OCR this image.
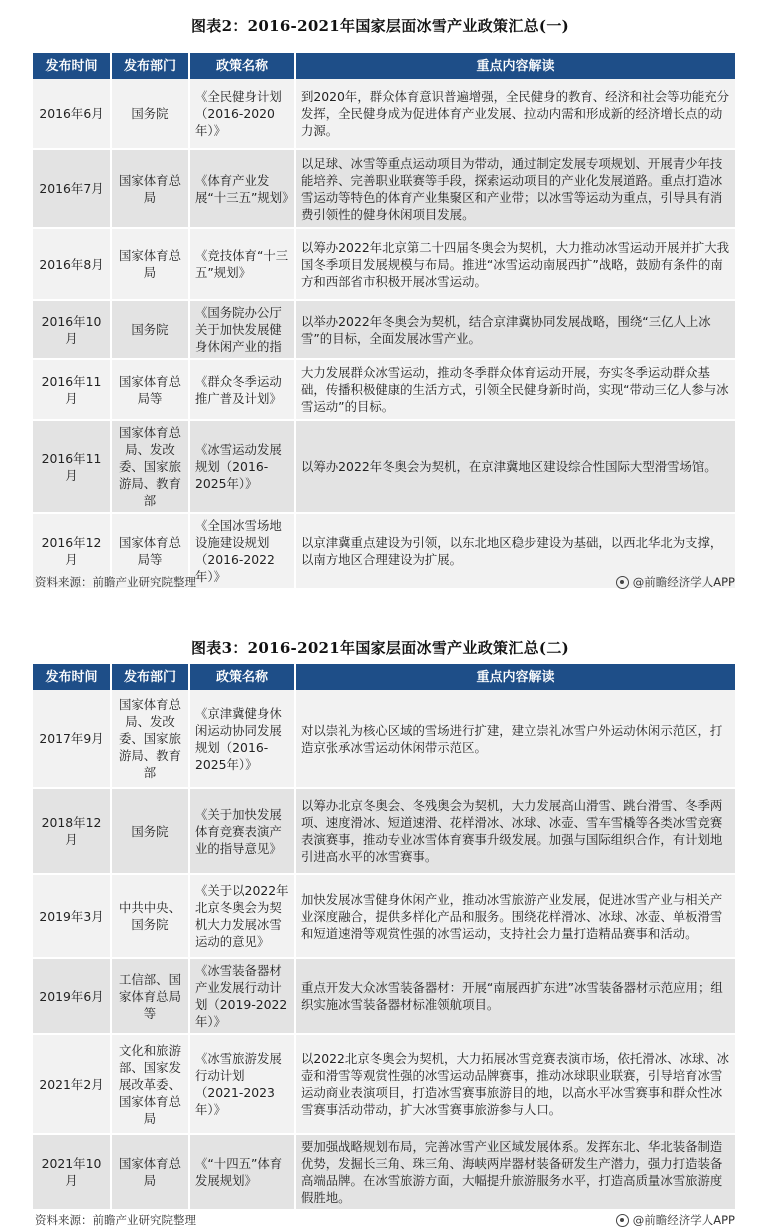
图表2：2016-2021年国家层面冰雪产业政策汇总(一)
发布时间	发布部门	政策名称	重点内容解读
2016年6月	国务院	《全民健身计划（2016-2020年）》	到2020年，群众体育意识普遍增强，全民健身的教育、经济和社会等功能充分发挥，全民健身成为促进体育产业发展、拉动内需和形成新的经济增长点的动力源。
2016年7月	国家体育总局	《体育产业发展“十三五”规划》	以足球、冰雪等重点运动项目为带动，通过制定发展专项规划、开展青少年技能培养、完善职业联赛等手段，探索运动项目的产业化发展道路。重点打造冰雪运动等特色的体育产业集聚区和产业带；以冰雪等运动为重点，引导具有消费引领性的健身休闲项目发展。
2016年8月	国家体育总局	《竞技体育“十三五”规划》	以筹办2022年北京第二十四届冬奥会为契机，大力推动冰雪运动开展并扩大我国冬季项目发展规模与布局。推进“冰雪运动南展西扩”战略，鼓励有条件的南方和西部省市积极开展冰雪运动。
2016年10月	国务院	《国务院办公厅关于加快发展健身休闲产业的指	以举办2022年冬奥会为契机，结合京津冀协同发展战略，围绕“三亿人上冰雪”的目标，全面发展冰雪产业。
2016年11月	国家体育总局等	《群众冬季运动推广普及计划》	大力发展群众冰雪运动，推动冬季群众体育运动开展，夯实冬季运动群众基础，传播积极健康的生活方式，引领全民健身新时尚，实现“带动三亿人参与冰雪运动”的目标。
2016年11月	国家体育总局、发改委、国家旅游局、教育部	《冰雪运动发展规划（2016-2025年）》	以筹办2022年冬奥会为契机，在京津冀地区建设综合性国际大型滑雪场馆。
2016年12月	国家体育总局等	《全国冰雪场地设施建设规划（2016-2022年）》	以京津冀重点建设为引领，以东北地区稳步建设为基础，以西北华北为支撑，以南方地区合理建设为扩展。
资料来源：前瞻产业研究院整理	@前瞻经济学人APP
图表3：2016-2021年国家层面冰雪产业政策汇总(二)
发布时间	发布部门	政策名称	重点内容解读
2017年9月	国家体育总局、发改委、国家旅游局、教育部	《京津冀健身休闲运动协同发展规划（2016-2025年）》	对以崇礼为核心区域的雪场进行扩建，建立崇礼冰雪户外运动休闲示范区，打造京张承冰雪运动休闲带示范区。
2018年12月	国务院	《关于加快发展体育竞赛表演产业的指导意见》	以筹办北京冬奥会、冬残奥会为契机，大力发展高山滑雪、跳台滑雪、冬季两项、速度滑冰、短道速滑、花样滑冰、冰球、冰壶、雪车雪橇等各类冰雪竞赛表演赛事，推动专业冰雪体育赛事升级发展。加强与国际组织合作，有计划地引进高水平的冰雪赛事。
2019年3月	中共中央、国务院	《关于以2022年北京冬奥会为契机大力发展冰雪运动的意见》	加快发展冰雪健身休闲产业，推动冰雪旅游产业发展，促进冰雪产业与相关产业深度融合，提供多样化产品和服务。围绕花样滑冰、冰球、冰壶、单板滑雪和短道速滑等观赏性强的冰雪运动，支持社会力量打造精品赛事和活动。
2019年6月	工信部、国家体育总局等	《冰雪装备器材产业发展行动计划（2019-2022年）》	重点开发大众冰雪装备器材：开展“南展西扩东进”冰雪装备器材示范应用；组织实施冰雪装备器材标准领航项目。
2021年2月	文化和旅游部、国家发展改革委、国家体育总局	《冰雪旅游发展行动计划（2021-2023年）》	以2022北京冬奥会为契机，大力拓展冰雪竞赛表演市场，依托滑冰、冰球、冰壶和滑雪等观赏性强的冰雪运动品牌赛事，推动冰球职业联赛，引导培育冰雪运动商业表演项目，打造冰雪赛事旅游目的地，以高水平冰雪赛事和群众性冰雪赛事活动带动，扩大冰雪赛事旅游参与人口。
2021年10月	国家体育总局	《“十四五”体育发展规划》	要加强战略规划布局，完善冰雪产业区域发展体系。发挥东北、华北装备制造优势，发掘长三角、珠三角、海峡两岸器材装备研发生产潜力，强力打造装备高端品牌。在冰雪旅游方面，大幅提升旅游服务水平，打造高质量冰雪旅游度假胜地。
资料来源：前瞻产业研究院整理	@前瞻经济学人APP
